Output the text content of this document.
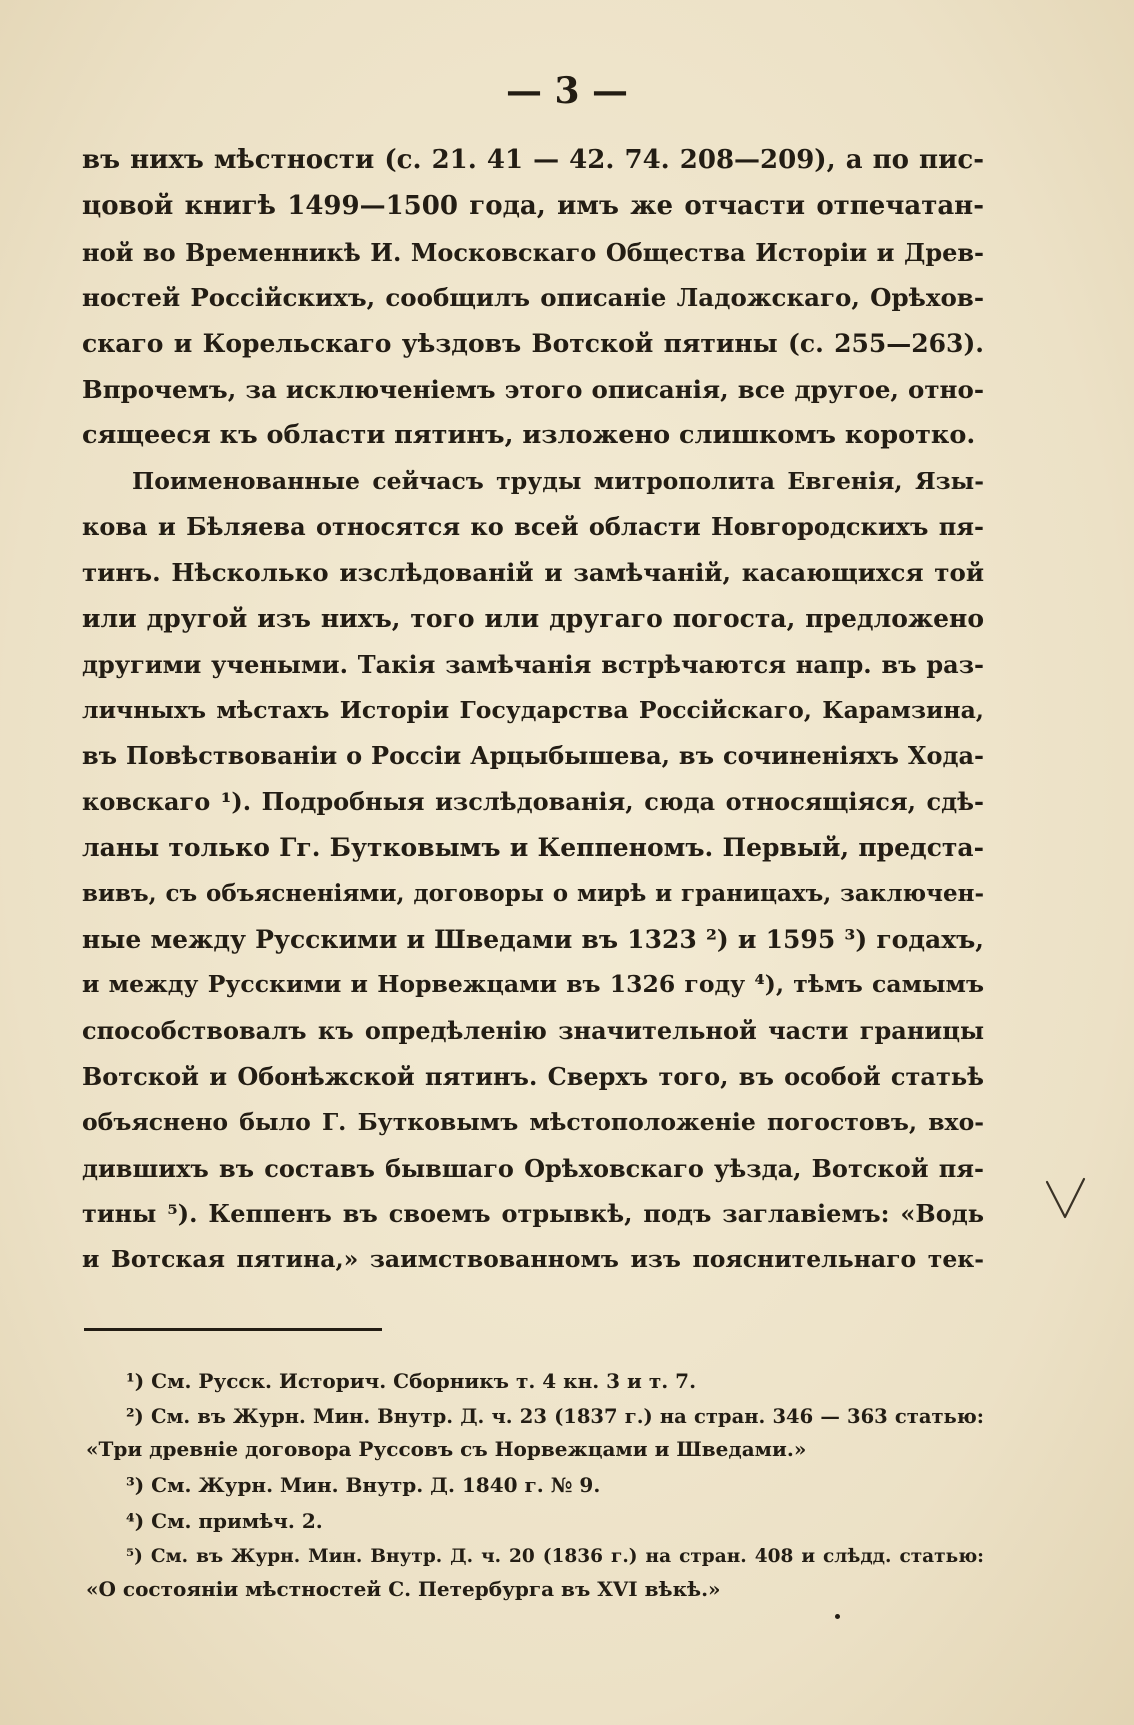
— 3 —
въ нихъ мѣстности (с. 21. 41 — 42. 74. 208—209), а по пис-
цовой книгѣ 1499—1500 года, имъ же отчасти отпечатан-
ной во Временникѣ И. Московскаго Общества Исторіи и Древ-
ностей Россійскихъ, сообщилъ описаніе Ладожскаго, Орѣхов-
скаго и Корельскаго уѣздовъ Вотской пятины (с. 255—263).
Впрочемъ, за исключеніемъ этого описанія, все другое, отно-
сящееся къ области пятинъ, изложено слишкомъ коротко.
Поименованные сейчасъ труды митрополита Евгенія, Язы-
кова и Бѣляева относятся ко всей области Новгородскихъ пя-
тинъ. Нѣсколько изслѣдованій и замѣчаній, касающихся той
или другой изъ нихъ, того или другаго погоста, предложено
другими учеными. Такія замѣчанія встрѣчаются напр. въ раз-
личныхъ мѣстахъ Исторіи Государства Россійскаго, Карамзина,
въ Повѣствованіи о Россіи Арцыбышева, въ сочиненіяхъ Хода-
ковскаго ¹). Подробныя изслѣдованія, сюда относящіяся, сдѣ-
ланы только Гг. Бутковымъ и Кеппеномъ. Первый, предста-
вивъ, съ объясненіями, договоры о мирѣ и границахъ, заключен-
ные между Русскими и Шведами въ 1323 ²) и 1595 ³) годахъ,
и между Русскими и Норвежцами въ 1326 году ⁴), тѣмъ самымъ
способствовалъ къ опредѣленію значительной части границы
Вотской и Обонѣжской пятинъ. Сверхъ того, въ особой статьѣ
объяснено было Г. Бутковымъ мѣстоположеніе погостовъ, вхо-
дившихъ въ составъ бывшаго Орѣховскаго уѣзда, Вотской пя-
тины ⁵). Кеппенъ въ своемъ отрывкѣ, подъ заглавіемъ: «Водь
и Вотская пятина,» заимствованномъ изъ пояснительнаго тек-
¹) См. Русск. Историч. Сборникъ т. 4 кн. 3 и т. 7.
²) См. въ Журн. Мин. Внутр. Д. ч. 23 (1837 г.) на стран. 346 — 363 статью:
«Три древніе договора Руссовъ съ Норвежцами и Шведами.»
³) См. Журн. Мин. Внутр. Д. 1840 г. № 9.
⁴) См. примѣч. 2.
⁵) См. въ Журн. Мин. Внутр. Д. ч. 20 (1836 г.) на стран. 408 и слѣдд. статью:
«О состояніи мѣстностей С. Петербурга въ XVI вѣкѣ.»
